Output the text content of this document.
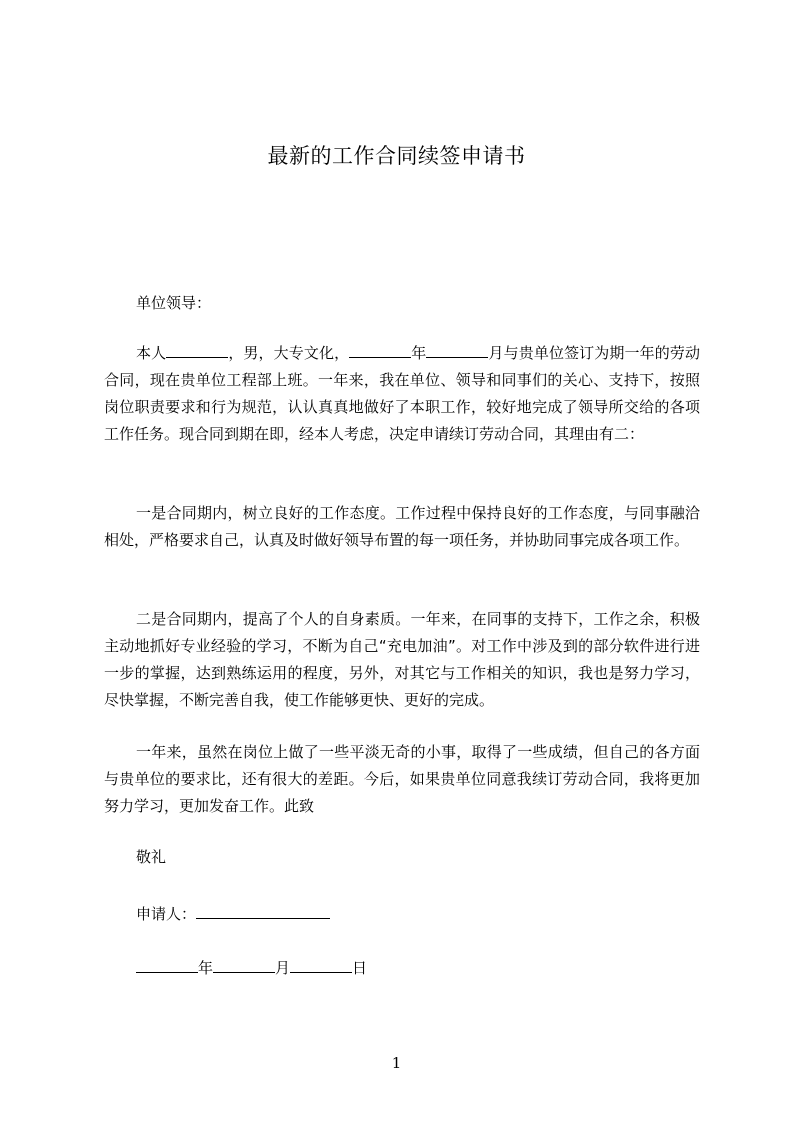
最新的工作合同续签申请书
单位领导：
本人	，男，大专文化，	年	月与贵单位签订为期一年的劳动合同，现在贵单位工程部上班。一年来，我在单位、领导和同事们的关心、支持下，按照岗位职责要求和行为规范，认认真真地做好了本职工作，较好地完成了领导所交给的各项工作任务。现合同到期在即，经本人考虑，决定申请续订劳动合同，其理由有二：
一是合同期内，树立良好的工作态度。工作过程中保持良好的工作态度，与同事融洽相处，严格要求自己，认真及时做好领导布置的每一项任务，并协助同事完成各项工作。
二是合同期内，提高了个人的自身素质。一年来，在同事的支持下，工作之余，积极主动地抓好专业经验的学习，不断为自己“充电加油”。对工作中涉及到的部分软件进行进一步的掌握，达到熟练运用的程度，另外，对其它与工作相关的知识，我也是努力学习，尽快掌握，不断完善自我，使工作能够更快、更好的完成。
一年来，虽然在岗位上做了一些平淡无奇的小事，取得了一些成绩，但自己的各方面与贵单位的要求比，还有很大的差距。今后，如果贵单位同意我续订劳动合同，我将更加努力学习，更加发奋工作。此致
敬礼
申请人：
年	月	日
1
